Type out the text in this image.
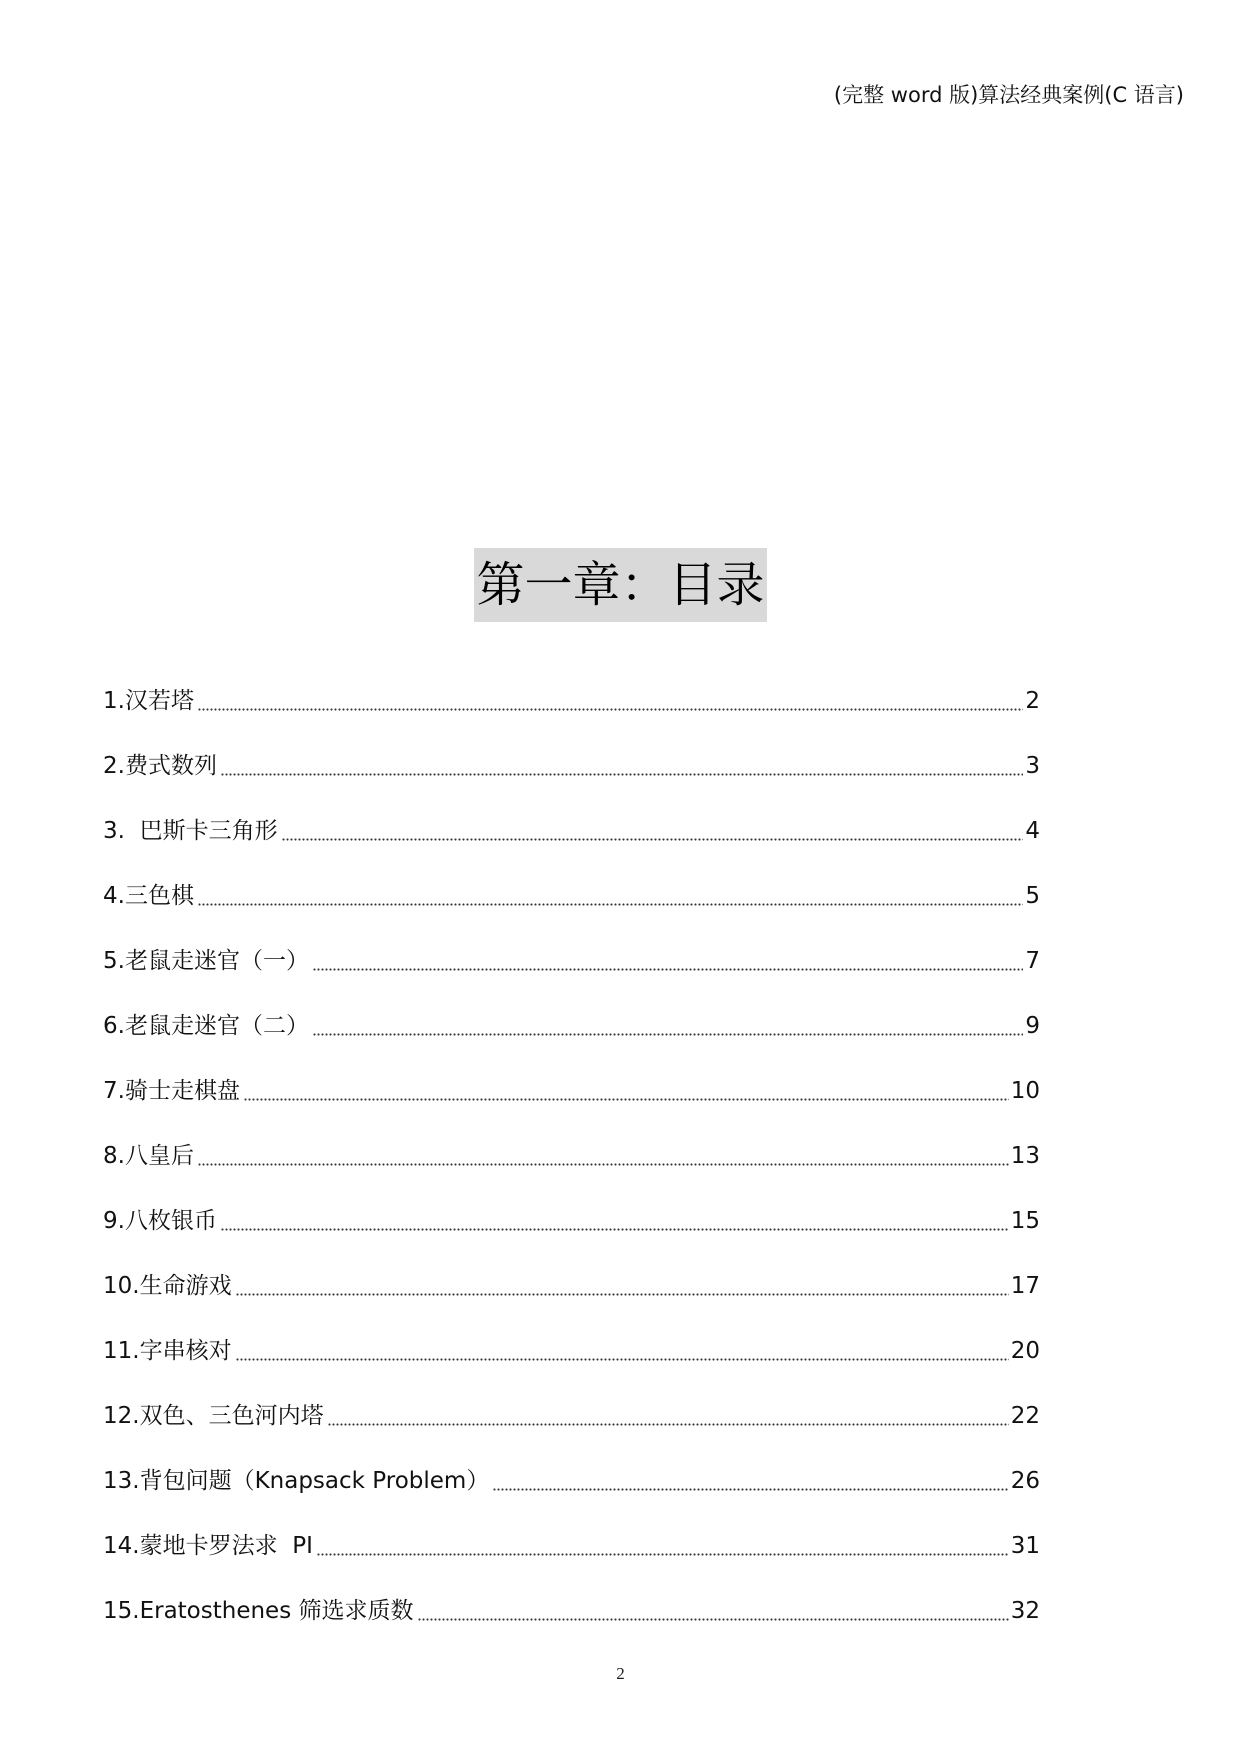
(完整 word 版)算法经典案例(C 语言)
第一章：目录
1.汉若塔	2
2.费式数列	3
3.  巴斯卡三角形	4
4.三色棋	5
5.老鼠走迷官（一）	7
6.老鼠走迷官（二）	9
7.骑士走棋盘	10
8.八皇后	13
9.八枚银币	15
10.生命游戏	17
11.字串核对	20
12.双色、三色河内塔	22
13.背包问题（Knapsack Problem）	26
14.蒙地卡罗法求  PI	31
15.Eratosthenes 筛选求质数	32
2
